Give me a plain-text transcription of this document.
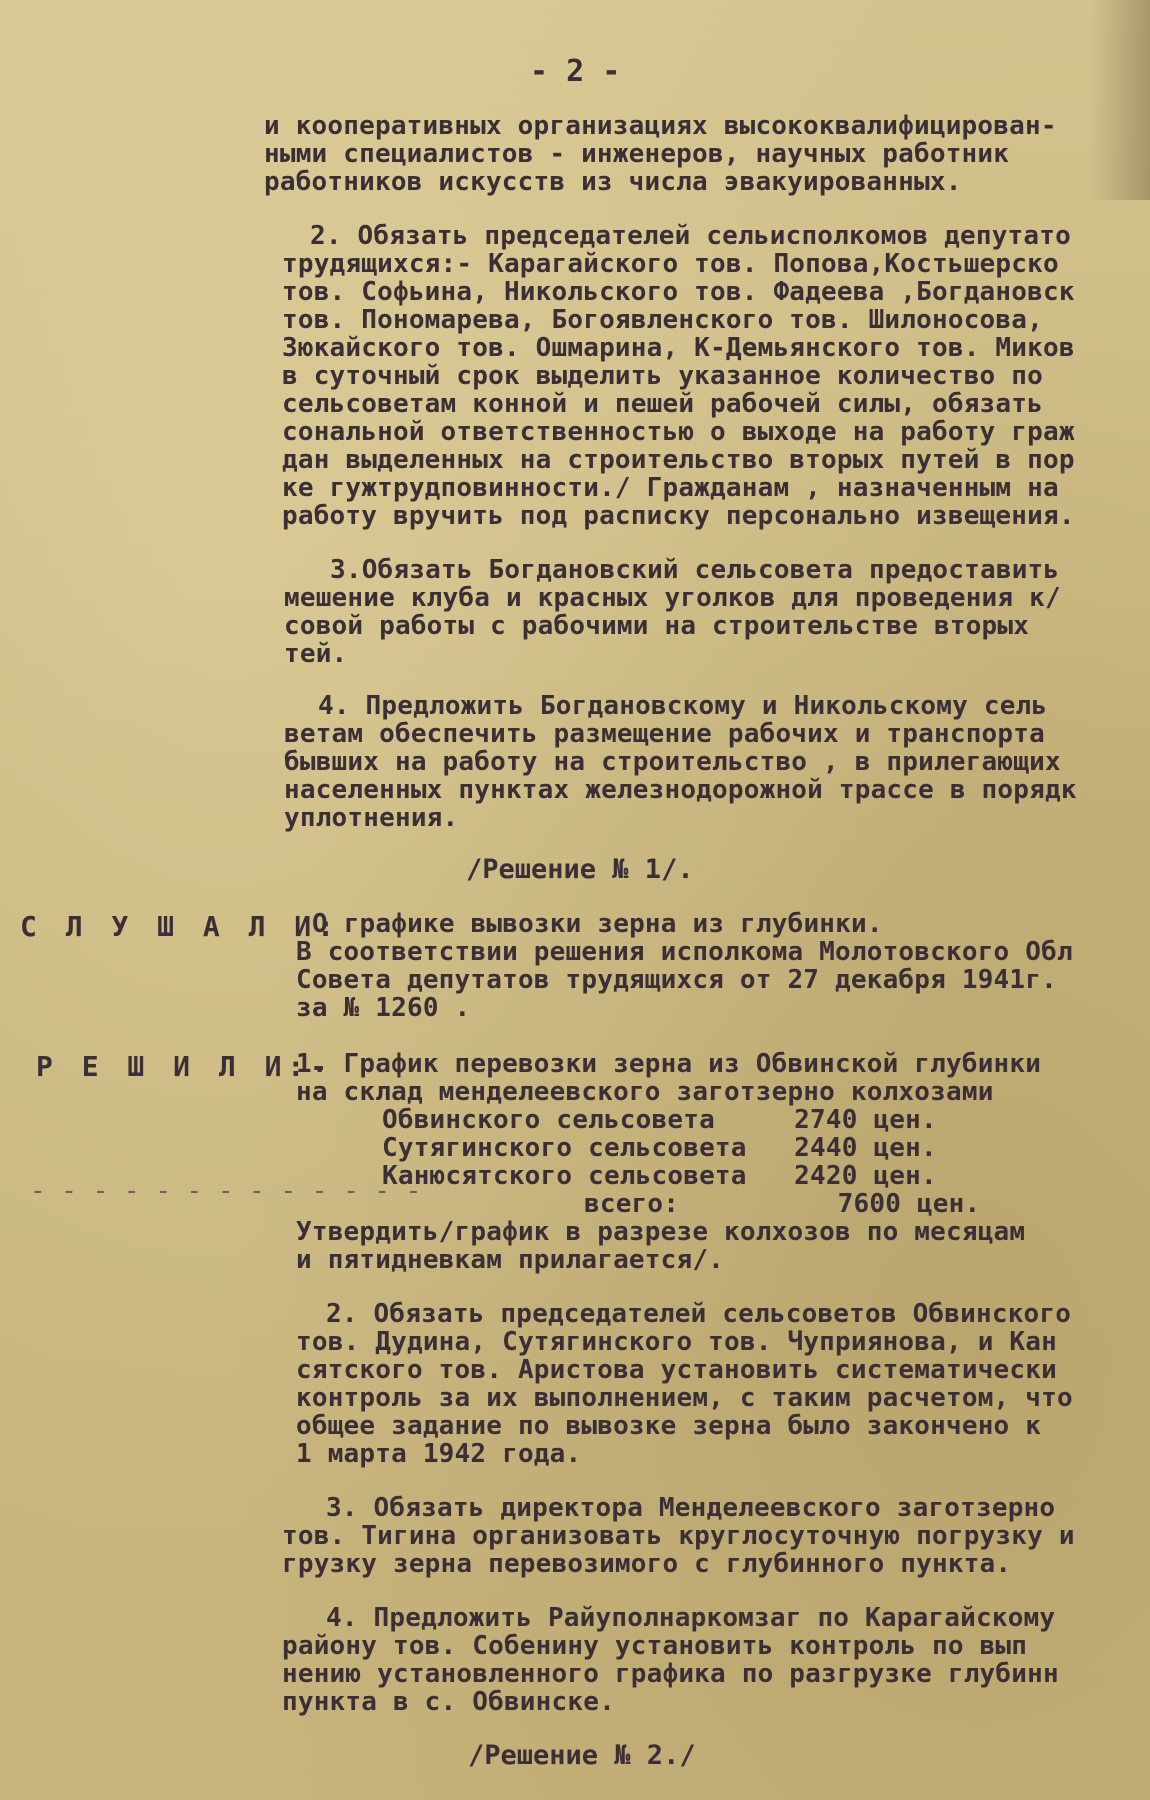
- 2 -
и кооперативных организациях высококвалифицирован-
ными специалистов - инженеров, научных работник
работников искусств из числа эвакуированных.
2. Обязать председателей сельисполкомов депутато
трудящихся:- Карагайского тов. Попова,Костьшерско
тов. Софьина, Никольского тов. Фадеева ,Богдановск
тов. Пономарева, Богоявленского тов. Шилоносова,
Зюкайского тов. Ошмарина, К-Демьянского тов. Миков
в суточный срок выделить указанное количество по
сельсоветам конной и пешей рабочей силы, обязать
сональной ответственностью о выходе на работу граж
дан выделенных на строительство вторых путей в пор
ке гужтрудповинности./ Гражданам , назначенным на
работу вручить под расписку персонально извещения.
3.Обязать Богдановский сельсовета предоставить
мешение клуба и красных уголков для проведения к/
совой работы с рабочими на строительстве вторых
тей.
4. Предложить Богдановскому и Никольскому сель
ветам обеспечить размещение рабочих и транспорта
бывших на работу на строительство , в прилегающих
населенных пунктах железнодорожной трассе в порядк
уплотнения.
/Решение № 1/.
С Л У Ш А Л И:
О графике вывозки зерна из глубинки.
В соответствии решения исполкома Молотовского Обл
Совета депутатов трудящихся от 27 декабря 1941г.
за № 1260 .
Р Е Ш И Л И:-
1. График перевозки зерна из Обвинской глубинки
на склад менделеевского заготзерно колхозами
Обвинского сельсовета     2740 цен.
Сутягинского сельсовета   2440 цен.
Канюсятского сельсовета   2420 цен.
всего:          7600 цен.
- - - - - - - - - - - - -
Утвердить/график в разрезе колхозов по месяцам
и пятидневкам прилагается/.
2. Обязать председателей сельсоветов Обвинского
тов. Дудина, Сутягинского тов. Чуприянова, и Кан
сятского тов. Аристова установить систематически
контроль за их выполнением, с таким расчетом, что
общее задание по вывозке зерна было закончено к
1 марта 1942 года.
3. Обязать директора Менделеевского заготзерно
тов. Тигина организовать круглосуточную погрузку и
грузку зерна перевозимого с глубинного пункта.
4. Предложить Райуполнаркомзаг по Карагайскому
району тов. Собенину установить контроль по вып
нению установленного графика по разгрузке глубинн
пункта в с. Обвинске.
/Решение № 2./
